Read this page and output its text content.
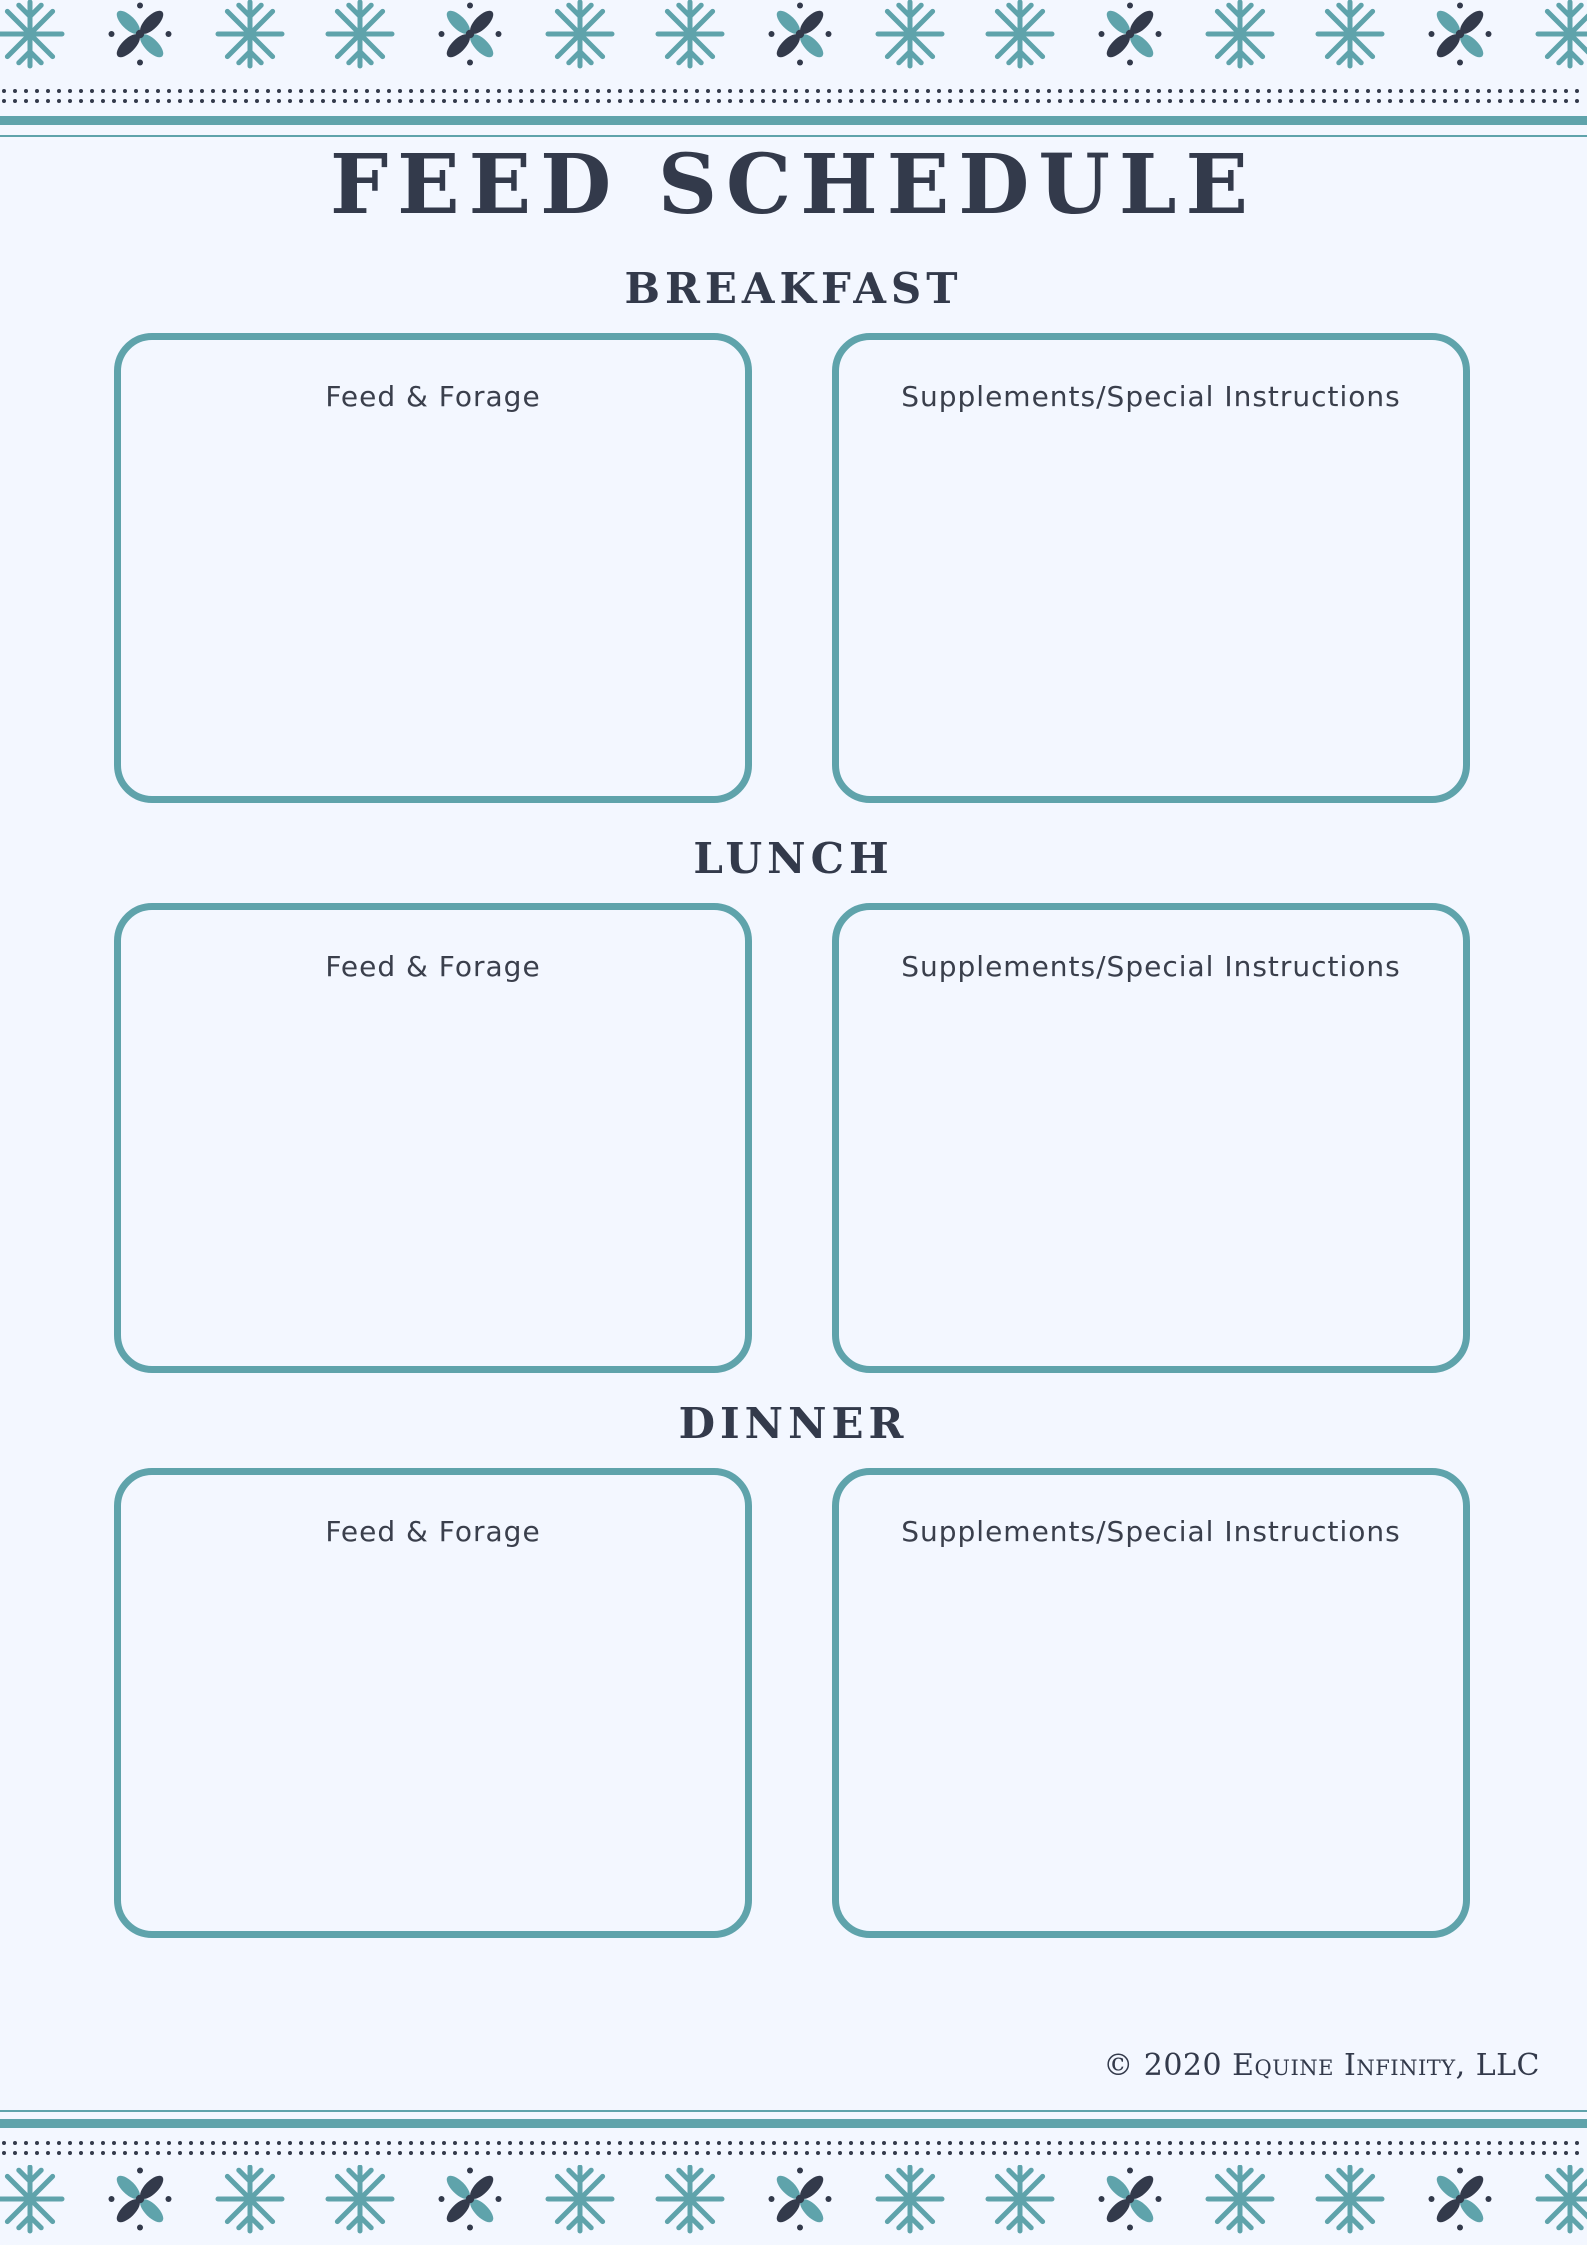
FEED SCHEDULE
BREAKFAST
Feed & Forage	Supplements/Special Instructions
LUNCH
Feed & Forage	Supplements/Special Instructions
DINNER
Feed & Forage	Supplements/Special Instructions
© 2020 Equine Infinity, LLC
